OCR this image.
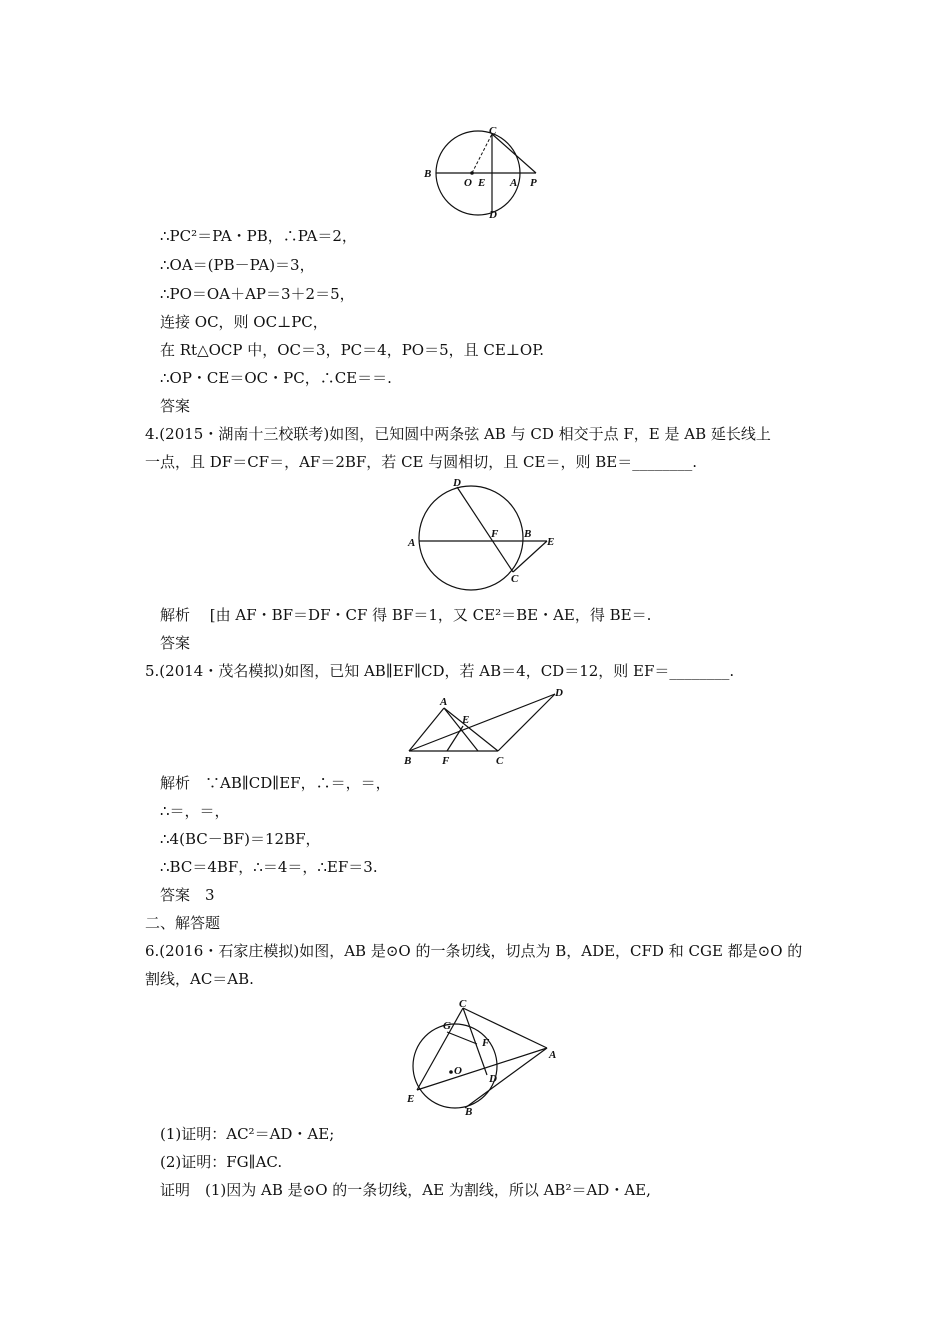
B
O E A P
C
D
∴PC²＝PA・PB，∴PA＝2，
∴OA＝(PB－PA)＝3，
∴PO＝OA＋AP＝3＋2＝5，
连接 OC，则 OC⊥PC，
在 Rt△OCP 中，OC＝3，PC＝4，PO＝5，且 CE⊥OP.
∴OP・CE＝OC・PC，∴CE＝＝.
答案
4.(2015・湖南十三校联考)如图，已知圆中两条弦 AB 与 CD 相交于点 F，E 是 AB 延长线上
一点，且 DF＝CF＝，AF＝2BF，若 CE 与圆相切，且 CE＝，则 BE＝________.
D
A
F B
E
C
解析　 [由 AF・BF＝DF・CF 得 BF＝1，又 CE²＝BE・AE，得 BE＝.
答案
5.(2014・茂名模拟)如图，已知 AB∥EF∥CD，若 AB＝4，CD＝12，则 EF＝________.
A
E
D
B	F	C
解析　∵AB∥CD∥EF，∴＝，＝，
∴＝，＝，
∴4(BC－BF)＝12BF，
∴BC＝4BF，∴＝4＝，∴EF＝3.
答案　3
二、解答题
6.(2016・石家庄模拟)如图，AB 是⊙O 的一条切线，切点为 B，ADE，CFD 和 CGE 都是⊙O 的
割线，AC＝AB.
C
G
F
O
A
D
E
B
(1)证明：AC²＝AD・AE;
(2)证明：FG∥AC.
证明　(1)因为 AB 是⊙O 的一条切线，AE 为割线，所以 AB²＝AD・AE,
